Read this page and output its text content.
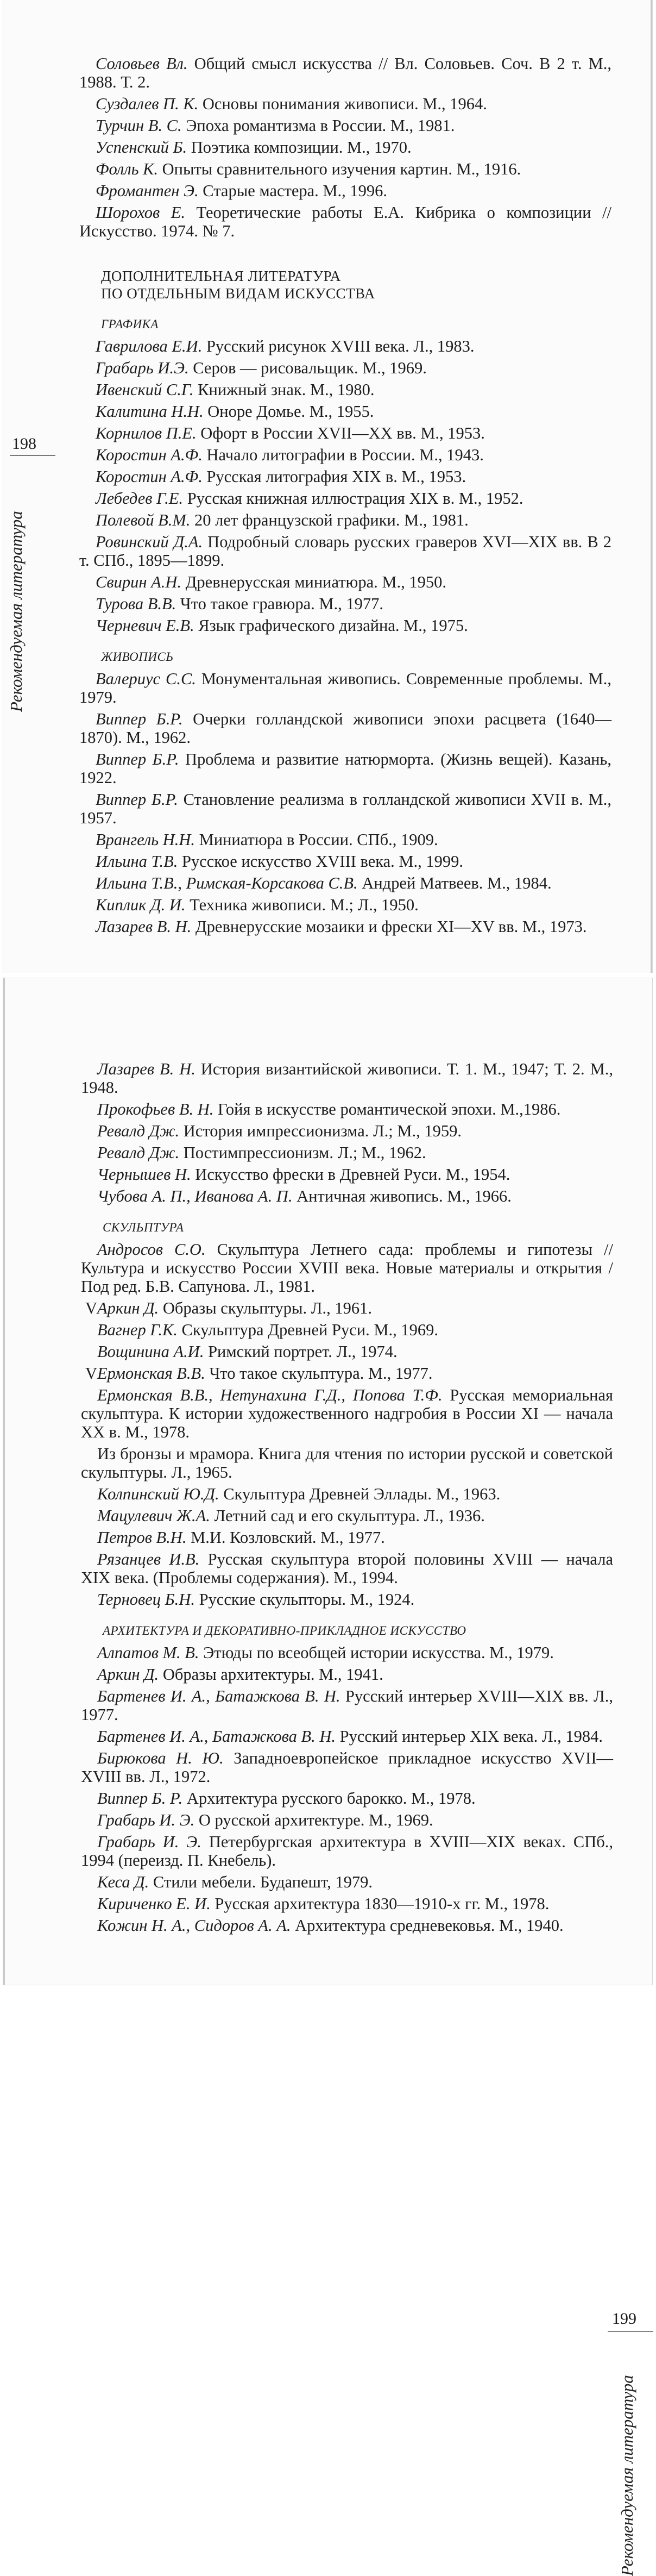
198
Рекомендуемая литература
Соловьев Вл. Общий смысл искусства // Вл. Соловьев. Соч. В 2 т. М., 1988. Т. 2.
Суздалев П. К. Основы понимания живописи. М., 1964.
Турчин В. С. Эпоха романтизма в России. М., 1981.
Успенский Б. Поэтика композиции. М., 1970.
Фолль К. Опыты сравнительного изучения картин. М., 1916.
Фромантен Э. Старые мастера. М., 1996.
Шорохов Е. Теоретические работы Е.А. Кибрика о композиции // Искусство. 1974. № 7.
ДОПОЛНИТЕЛЬНАЯ ЛИТЕРАТУРА
ПО ОТДЕЛЬНЫМ ВИДАМ ИСКУССТВА
ГРАФИКА
Гаврилова Е.И. Русский рисунок XVIII века. Л., 1983.
Грабарь И.Э. Серов — рисовальщик. М., 1969.
Ивенский С.Г. Книжный знак. М., 1980.
Калитина Н.Н. Оноре Домье. М., 1955.
Корнилов П.Е. Офорт в России XVII—XX вв. М., 1953.
Коростин А.Ф. Начало литографии в России. М., 1943.
Коростин А.Ф. Русская литография XIX в. М., 1953.
Лебедев Г.Е. Русская книжная иллюстрация XIX в. М., 1952.
Полевой В.М. 20 лет французской графики. М., 1981.
Ровинский Д.А. Подробный словарь русских граверов XVI—XIX вв. В 2 т. СПб., 1895—1899.
Свирин А.Н. Древнерусская миниатюра. М., 1950.
Турова В.В. Что такое гравюра. М., 1977.
Черневич Е.В. Язык графического дизайна. М., 1975.
ЖИВОПИСЬ
Валериус С.С. Монументальная живопись. Современные проблемы. М., 1979.
Виппер Б.Р. Очерки голландской живописи эпохи расцвета (1640—1870). М., 1962.
Виппер Б.Р. Проблема и развитие натюрморта. (Жизнь вещей). Казань, 1922.
Виппер Б.Р. Становление реализма в голландской живописи XVII в. М., 1957.
Врангель Н.Н. Миниатюра в России. СПб., 1909.
Ильина Т.В. Русское искусство XVIII века. М., 1999.
Ильина Т.В., Римская-Корсакова С.В. Андрей Матвеев. М., 1984.
Киплик Д. И. Техника живописи. М.; Л., 1950.
Лазарев В. Н. Древнерусские мозаики и фрески XI—XV вв. М., 1973.
199
Рекомендуемая литература
Лазарев В. Н. История византийской живописи. Т. 1. М., 1947; Т. 2. М., 1948.
Прокофьев В. Н. Гойя в искусстве романтической эпохи. М.,1986.
Ревалд Дж. История импрессионизма. Л.; М., 1959.
Ревалд Дж. Постимпрессионизм. Л.; М., 1962.
Чернышев Н. Искусство фрески в Древней Руси. М., 1954.
Чубова А. П., Иванова А. П. Античная живопись. М., 1966.
СКУЛЬПТУРА
Андросов С.О. Скульптура Летнего сада: проблемы и гипотезы // Культура и искусство России XVIII века. Новые материалы и открытия / Под ред. Б.В. Сапунова. Л., 1981.
V Аркин Д. Образы скульптуры. Л., 1961.
Вагнер Г.К. Скульптура Древней Руси. М., 1969.
Вощинина А.И. Римский портрет. Л., 1974.
V Ермонская В.В. Что такое скульптура. М., 1977.
Ермонская В.В., Нетунахина Г.Д., Попова Т.Ф. Русская мемориальная скульптура. К истории художественного надгробия в России XI — начала XX в. М., 1978.
Из бронзы и мрамора. Книга для чтения по истории русской и советской скульптуры. Л., 1965.
Колпинский Ю.Д. Скульптура Древней Эллады. М., 1963.
Мацулевич Ж.А. Летний сад и его скульптура. Л., 1936.
Петров В.Н. М.И. Козловский. М., 1977.
Рязанцев И.В. Русская скульптура второй половины XVIII — начала XIX века. (Проблемы содержания). М., 1994.
Терновец Б.Н. Русские скульпторы. М., 1924.
АРХИТЕКТУРА И ДЕКОРАТИВНО-ПРИКЛАДНОЕ ИСКУССТВО
Алпатов М. В. Этюды по всеобщей истории искусства. М., 1979.
Аркин Д. Образы архитектуры. М., 1941.
Бартенев И. А., Батажкова В. Н. Русский интерьер XVIII—XIX вв. Л., 1977.
Бартенев И. А., Батажкова В. Н. Русский интерьер XIX века. Л., 1984.
Бирюкова Н. Ю. Западноевропейское прикладное искусство XVII—XVIII вв. Л., 1972.
Виппер Б. Р. Архитектура русского барокко. М., 1978.
Грабарь И. Э. О русской архитектуре. М., 1969.
Грабарь И. Э. Петербургская архитектура в XVIII—XIX веках. СПб., 1994 (переизд. П. Кнебель).
Кеса Д. Стили мебели. Будапешт, 1979.
Кириченко Е. И. Русская архитектура 1830—1910-х гг. М., 1978.
Кожин Н. А., Сидоров А. А. Архитектура средневековья. М., 1940.
